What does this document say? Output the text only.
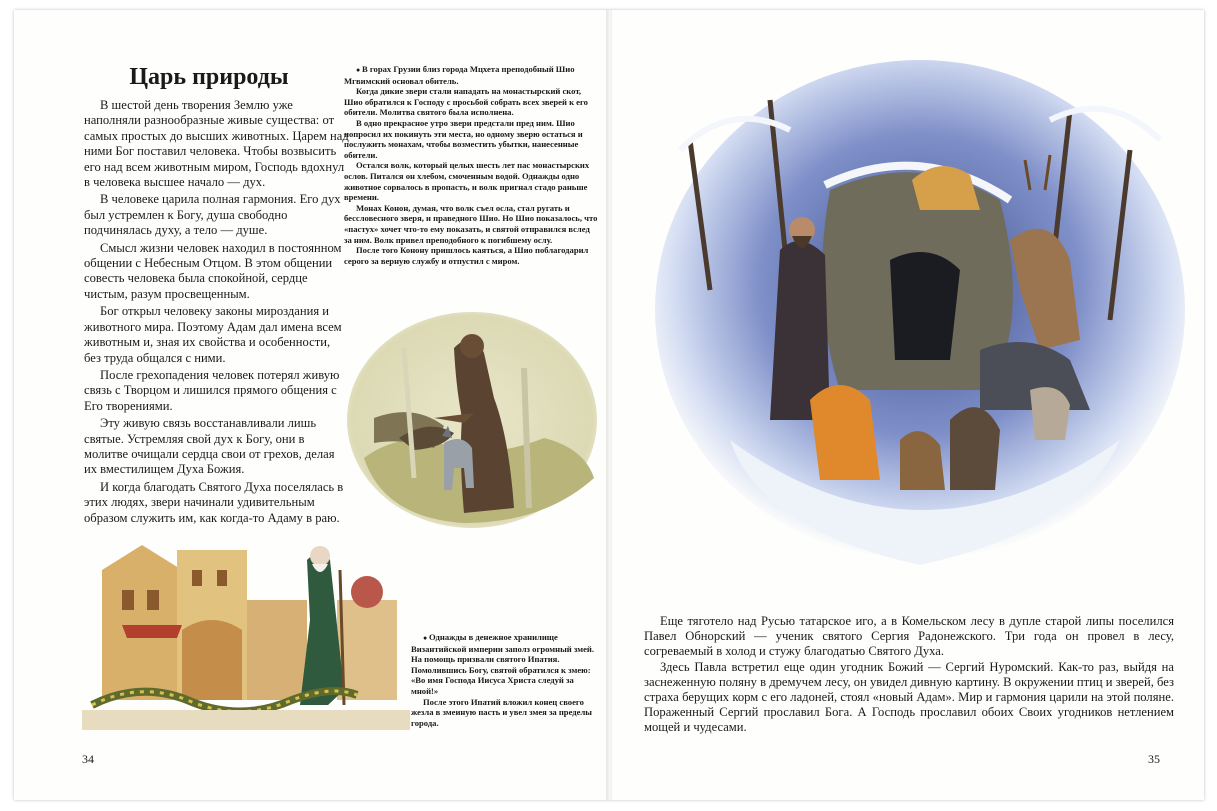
Царь природы

В шестой день творения Землю уже наполняли разнообразные живые существа: от самых простых до высших животных. Царем над ними Бог поставил человека. Чтобы возвысить его над всем животным миром, Господь вдохнул в человека высшее начало — дух.

В человеке царила полная гармония. Его дух был устремлен к Богу, душа свободно подчинялась духу, а тело — душе.

Смысл жизни человек находил в постоянном общении с Небесным Отцом. В этом общении совесть человека была спокойной, сердце чистым, разум просвещенным.

Бог открыл человеку законы мироздания и животного мира. Поэтому Адам дал имена всем животным и, зная их свойства и особенности, без труда общался с ними.

После грехопадения человек потерял живую связь с Творцом и лишился прямого общения с Его творениями.

Эту живую связь восстанавливали лишь святые. Устремляя свой дух к Богу, они в молитве очищали сердца свои от грехов, делая их вместилищем Духа Божия.

И когда благодать Святого Духа поселялась в этих людях, звери начинали удивительным образом служить им, как когда-то Адаму в раю.

● В горах Грузии близ города Мцхета преподобный Шио Мгвимский основал обитель.

Когда дикие звери стали нападать на монастырский скот, Шио обратился к Господу с просьбой собрать всех зверей к его обители. Молитва святого была исполнена.

В одно прекрасное утро звери предстали пред ним. Шио попросил их покинуть эти места, но одному зверю остаться и послужить монахам, чтобы возместить убытки, нанесенные обители.

Остался волк, который целых шесть лет пас монастырских ослов. Питался он хлебом, смоченным водой. Однажды одно животное сорвалось в пропасть, и волк пригнал стадо раньше времени.

Монах Конон, думая, что волк съел осла, стал ругать и бессловесного зверя, и праведного Шио. Но Шио показалось, что «пастух» хочет что-то ему показать, и святой отправился вслед за ним. Волк привел преподобного к погибшему ослу.

После того Конону пришлось каяться, а Шио поблагодарил серого за верную службу и отпустил с миром.

● Однажды в денежное хранилище Византийской империи заполз огромный змей. На помощь призвали святого Ипатия. Помолившись Богу, святой обратился к змею: «Во имя Господа Иисуса Христа следуй за мной!»

После этого Ипатий вложил конец своего жезла в змеиную пасть и увел змея за пределы города.

34

Еще тяготело над Русью татарское иго, а в Комельском лесу в дупле старой липы поселился Павел Обнорский — ученик святого Сергия Радонежского. Три года он провел в лесу, согреваемый в холод и стужу благодатью Святого Духа.

Здесь Павла встретил еще один угодник Божий — Сергий Нуромский. Как-то раз, выйдя на заснеженную поляну в дремучем лесу, он увидел дивную картину. В окружении птиц и зверей, без страха берущих корм с его ладоней, стоял «новый Адам». Мир и гармония царили на этой поляне. Пораженный Сергий прославил Бога. А Господь прославил обоих Своих угодников нетлением мощей и чудесами.

35
